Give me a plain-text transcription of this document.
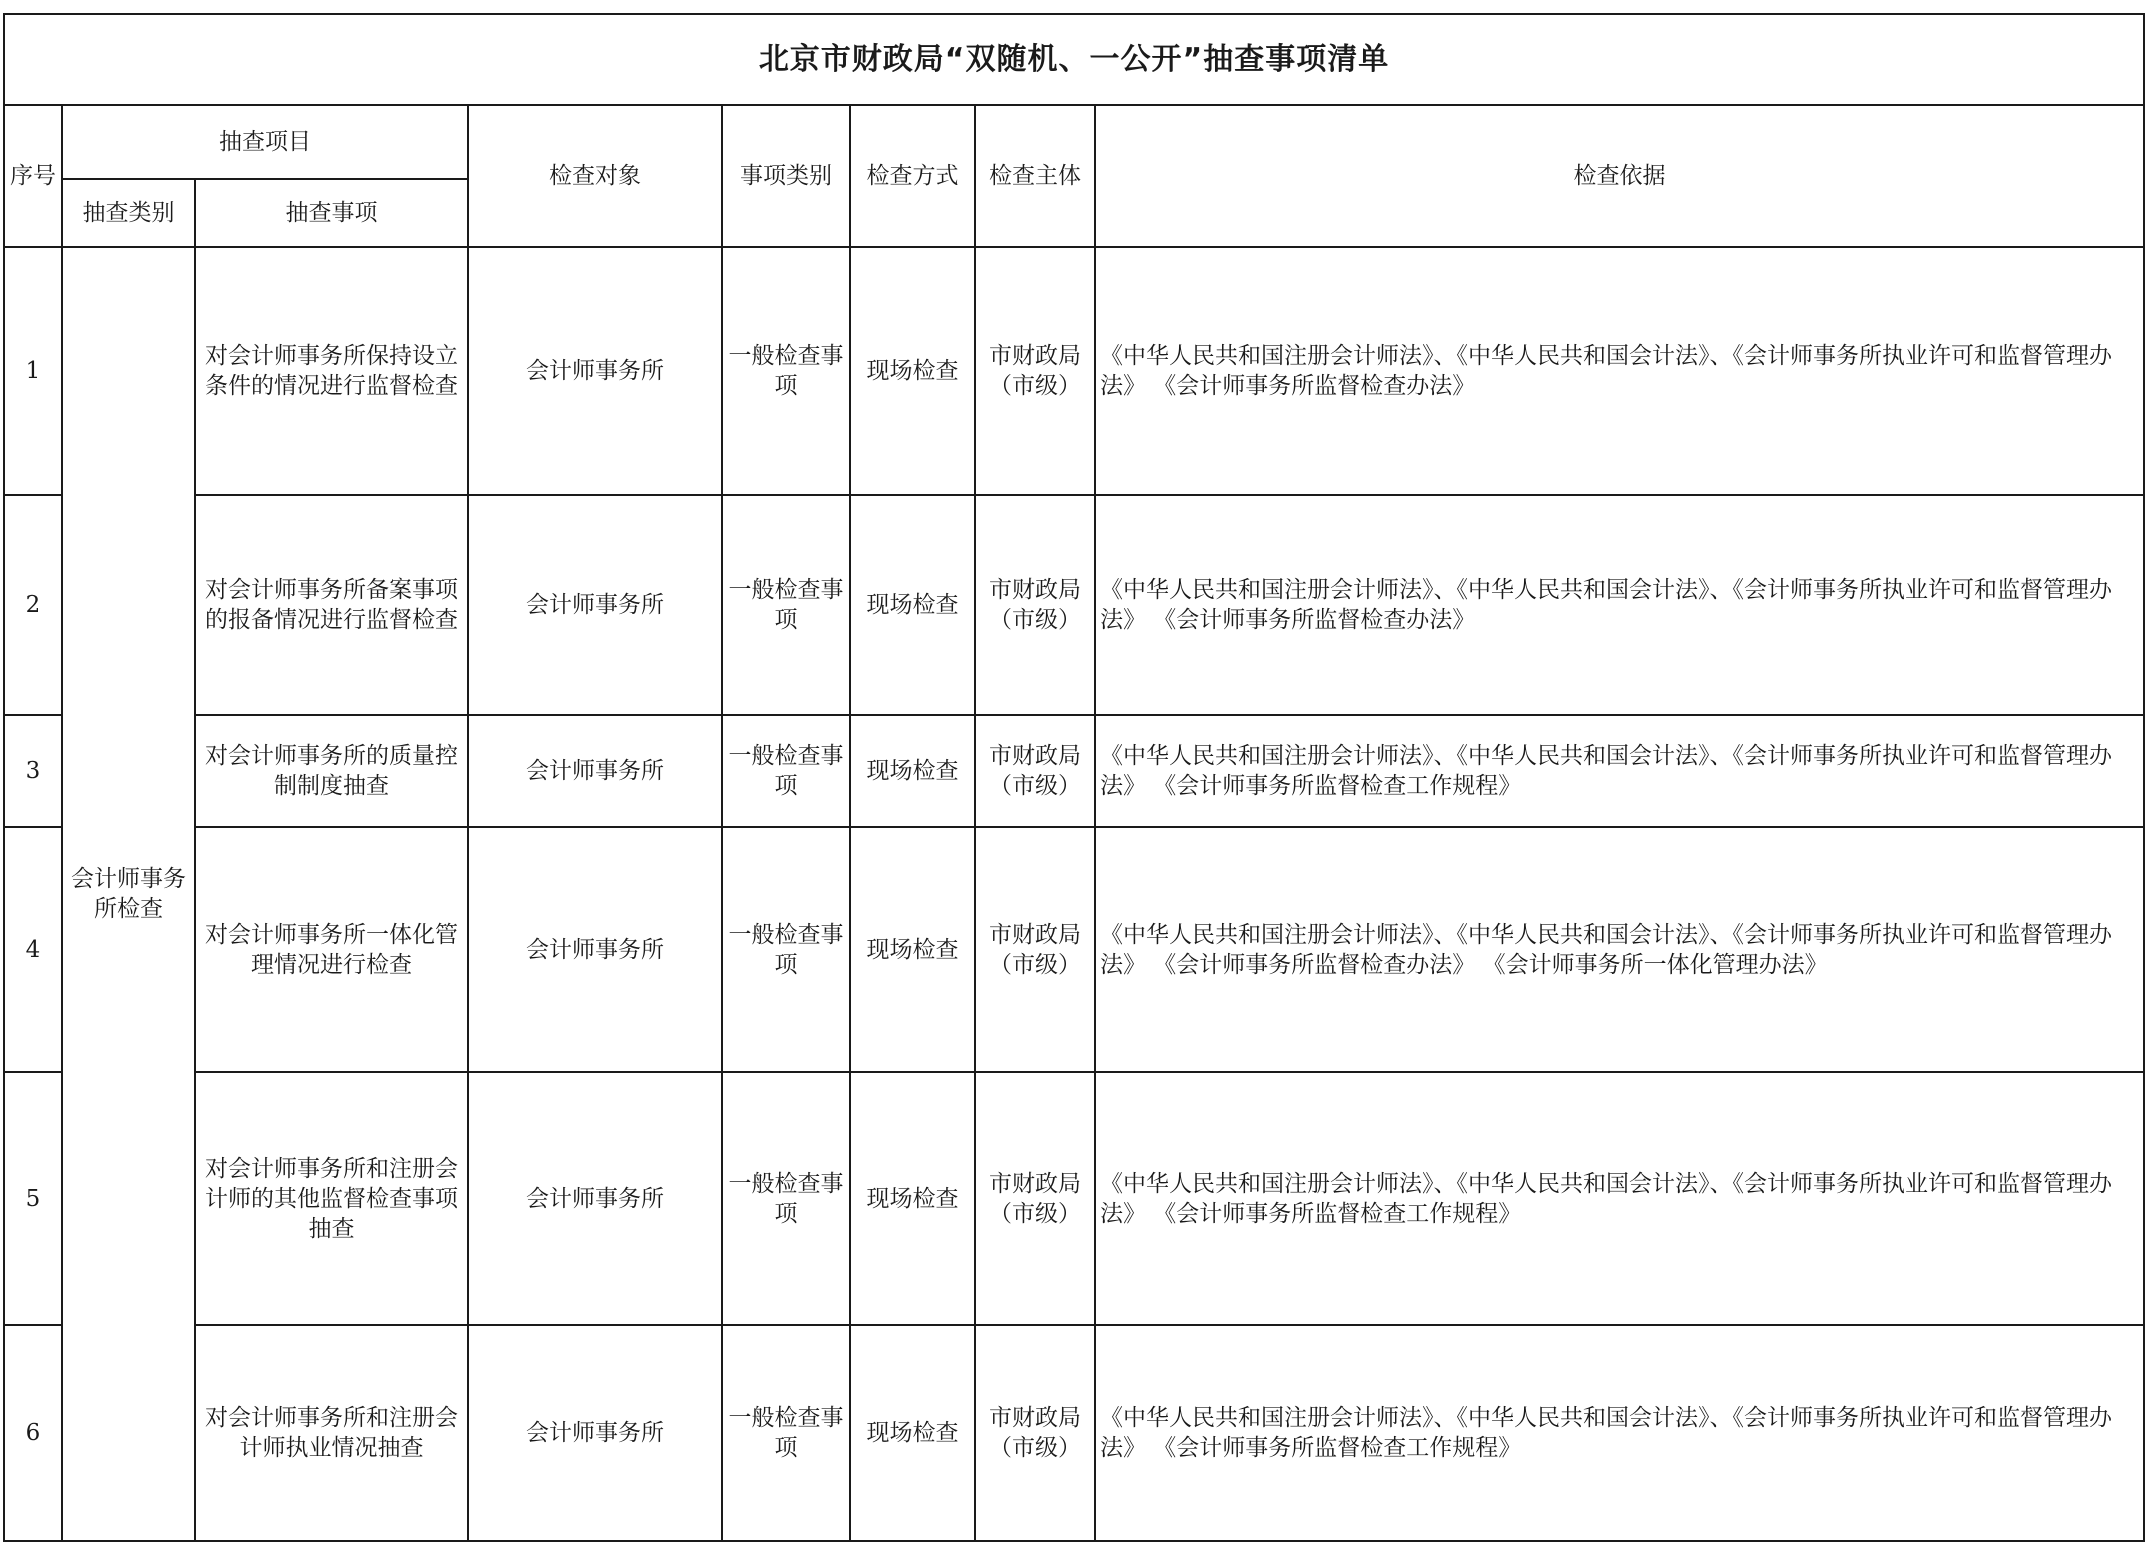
北京市财政局“双随机、一公开”抽查事项清单							
序号	抽查项目		检查对象	事项类别	检查方式	检查主体	检查依据
	抽查类别	抽查事项					
1	会计师事务所检查	对会计师事务所保持设立条件的情况进行监督检查	会计师事务所	一般检查事项	现场检查	市财政局（市级）	《中华人民共和国注册会计师法》、《中华人民共和国会计法》、《会计师事务所执业许可和监督管理办法》 《会计师事务所监督检查办法》
2		对会计师事务所备案事项的报备情况进行监督检查	会计师事务所	一般检查事项	现场检查	市财政局（市级）	《中华人民共和国注册会计师法》、《中华人民共和国会计法》、《会计师事务所执业许可和监督管理办法》 《会计师事务所监督检查办法》
3		对会计师事务所的质量控制制度抽查	会计师事务所	一般检查事项	现场检查	市财政局（市级）	《中华人民共和国注册会计师法》、《中华人民共和国会计法》、《会计师事务所执业许可和监督管理办法》 《会计师事务所监督检查工作规程》
4		对会计师事务所一体化管理情况进行检查	会计师事务所	一般检查事项	现场检查	市财政局（市级）	《中华人民共和国注册会计师法》、《中华人民共和国会计法》、《会计师事务所执业许可和监督管理办法》 《会计师事务所监督检查办法》 《会计师事务所一体化管理办法》
5		对会计师事务所和注册会计师的其他监督检查事项抽查	会计师事务所	一般检查事项	现场检查	市财政局（市级）	《中华人民共和国注册会计师法》、《中华人民共和国会计法》、《会计师事务所执业许可和监督管理办法》 《会计师事务所监督检查工作规程》
6		对会计师事务所和注册会计师执业情况抽查	会计师事务所	一般检查事项	现场检查	市财政局（市级）	《中华人民共和国注册会计师法》、《中华人民共和国会计法》、《会计师事务所执业许可和监督管理办法》 《会计师事务所监督检查工作规程》
